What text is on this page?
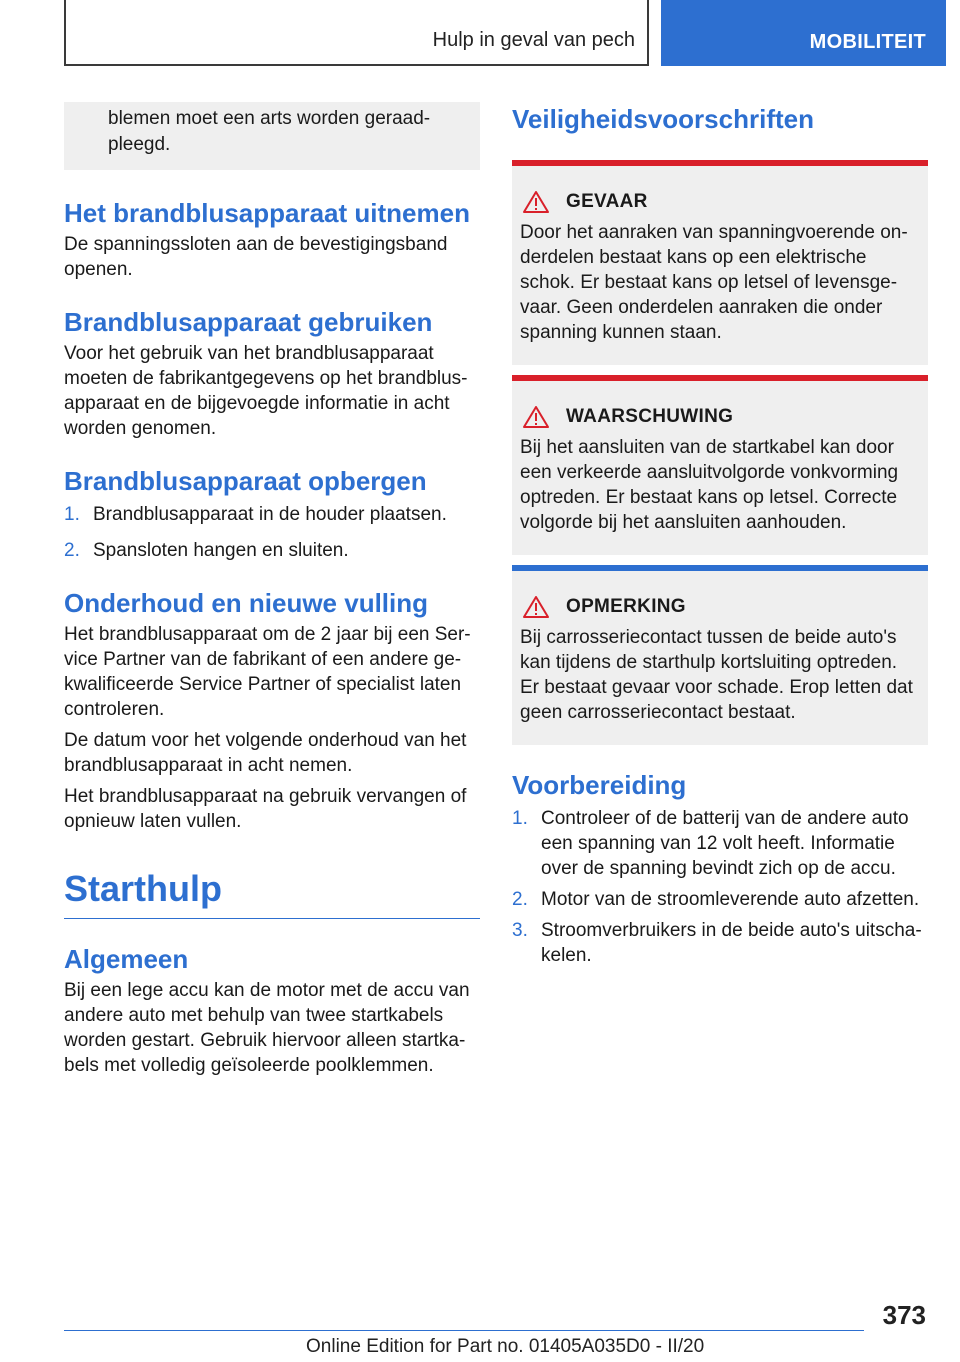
Hulp in geval van pech	MOBILITEIT

blemen moet een arts worden geraad-
pleegd.

Het brandblusapparaat uitnemen

De spanningssloten aan de bevestigingsband openen.

Brandblusapparaat gebruiken

Voor het gebruik van het brandblusapparaat moeten de fabrikantgegevens op het brandblus-apparaat en de bijgevoegde informatie in acht worden genomen.

Brandblusapparaat opbergen
1. Brandblusapparaat in de houder plaatsen.
2. Spansloten hangen en sluiten.
Onderhoud en nieuwe vulling

Het brandblusapparaat om de 2 jaar bij een Ser-vice Partner van de fabrikant of een andere ge-kwalificeerde Service Partner of specialist laten controleren.

De datum voor het volgende onderhoud van het brandblusapparaat in acht nemen.

Het brandblusapparaat na gebruik vervangen of opnieuw laten vullen.

Starthulp
Algemeen

Bij een lege accu kan de motor met de accu van andere auto met behulp van twee startkabels worden gestart. Gebruik hiervoor alleen startka-bels met volledig geïsoleerde poolklemmen.

Veiligheidsvoorschriften
GEVAAR

Door het aanraken van spanningvoerende on-derdelen bestaat kans op een elektrische schok. Er bestaat kans op letsel of levensge-vaar. Geen onderdelen aanraken die onder spanning kunnen staan.

WAARSCHUWING

Bij het aansluiten van de startkabel kan door een verkeerde aansluitvolgorde vonkvorming optreden. Er bestaat kans op letsel. Correcte volgorde bij het aansluiten aanhouden.

OPMERKING

Bij carrosseriecontact tussen de beide auto's kan tijdens de starthulp kortsluiting optreden. Er bestaat gevaar voor schade. Erop letten dat geen carrosseriecontact bestaat.

Voorbereiding
1. Controleer of de batterij van de andere auto een spanning van 12 volt heeft. Informatie over de spanning bevindt zich op de accu.
2. Motor van de stroomleverende auto afzetten.
3. Stroomverbruikers in de beide auto's uitscha-kelen.
373
Online Edition for Part no. 01405A035D0 - II/20
